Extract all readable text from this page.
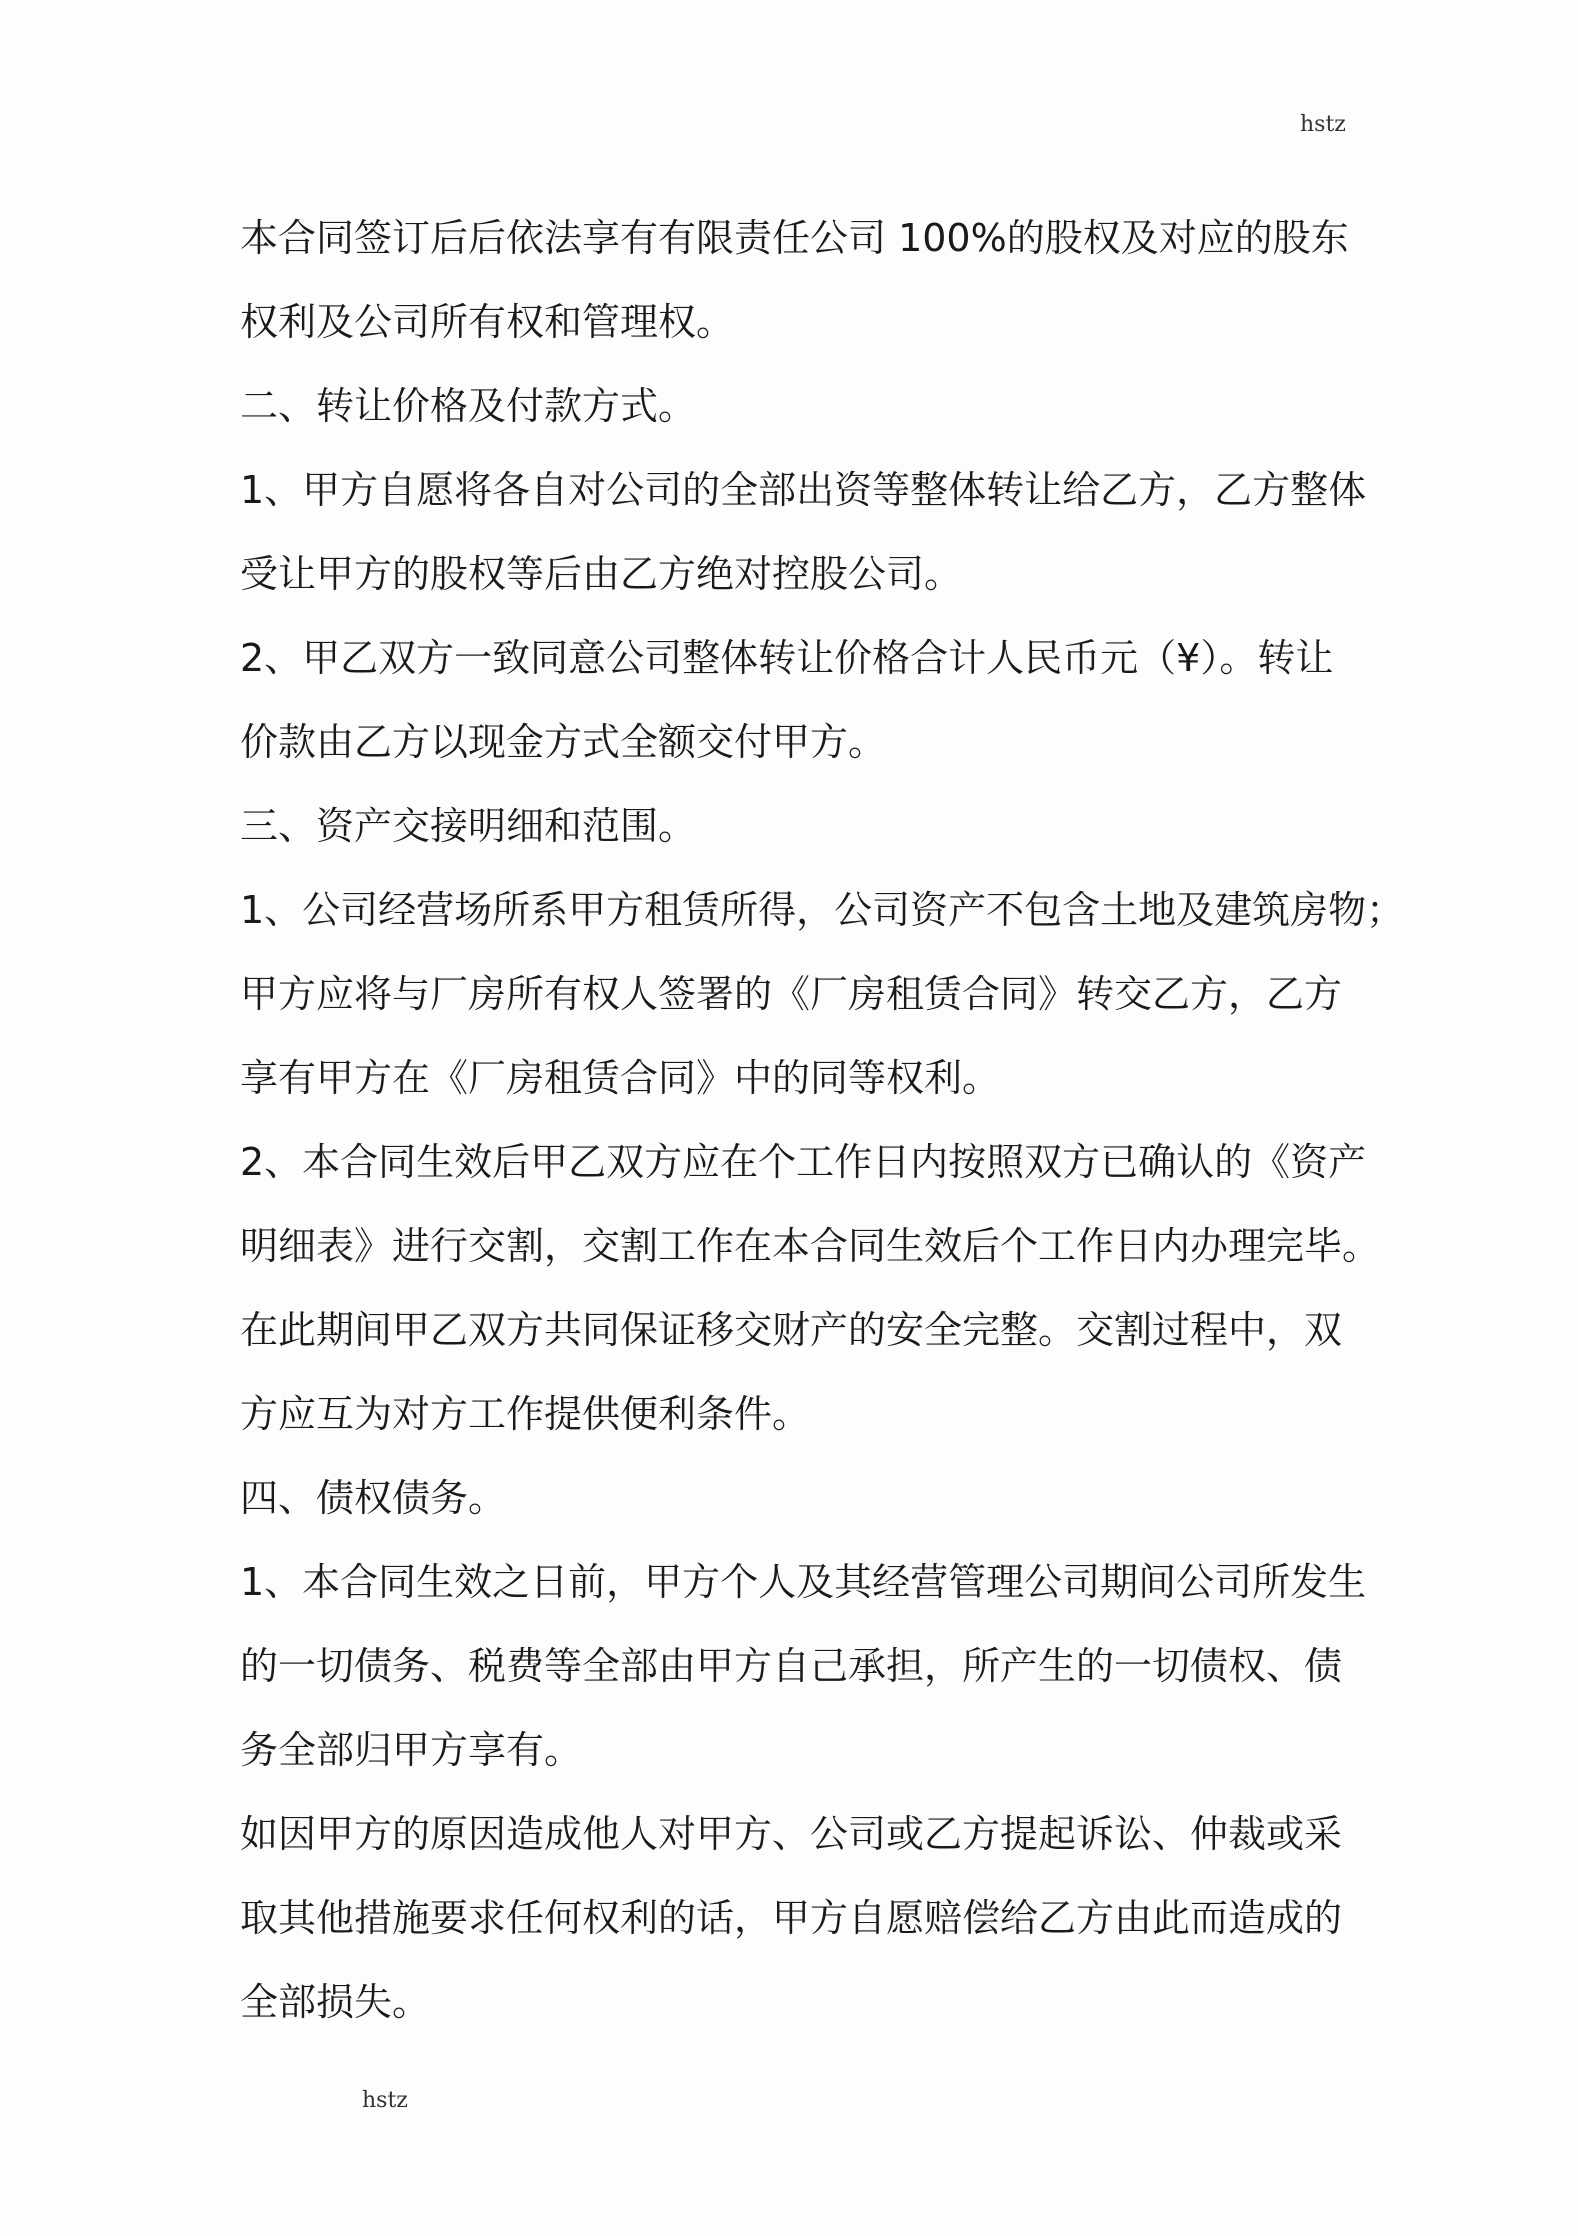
hstz
本合同签订后后依法享有有限责任公司 100%的股权及对应的股东
权利及公司所有权和管理权。
二、转让价格及付款方式。
1、甲方自愿将各自对公司的全部出资等整体转让给乙方，乙方整体
受让甲方的股权等后由乙方绝对控股公司。
2、甲乙双方一致同意公司整体转让价格合计人民币元（¥）。转让
价款由乙方以现金方式全额交付甲方。
三、资产交接明细和范围。
1、公司经营场所系甲方租赁所得，公司资产不包含土地及建筑房物；
甲方应将与厂房所有权人签署的《厂房租赁合同》转交乙方，乙方
享有甲方在《厂房租赁合同》中的同等权利。
2、本合同生效后甲乙双方应在个工作日内按照双方已确认的《资产
明细表》进行交割，交割工作在本合同生效后个工作日内办理完毕。
在此期间甲乙双方共同保证移交财产的安全完整。交割过程中，双
方应互为对方工作提供便利条件。
四、债权债务。
1、本合同生效之日前，甲方个人及其经营管理公司期间公司所发生
的一切债务、税费等全部由甲方自己承担，所产生的一切债权、债
务全部归甲方享有。
如因甲方的原因造成他人对甲方、公司或乙方提起诉讼、仲裁或采
取其他措施要求任何权利的话，甲方自愿赔偿给乙方由此而造成的
全部损失。
hstz
